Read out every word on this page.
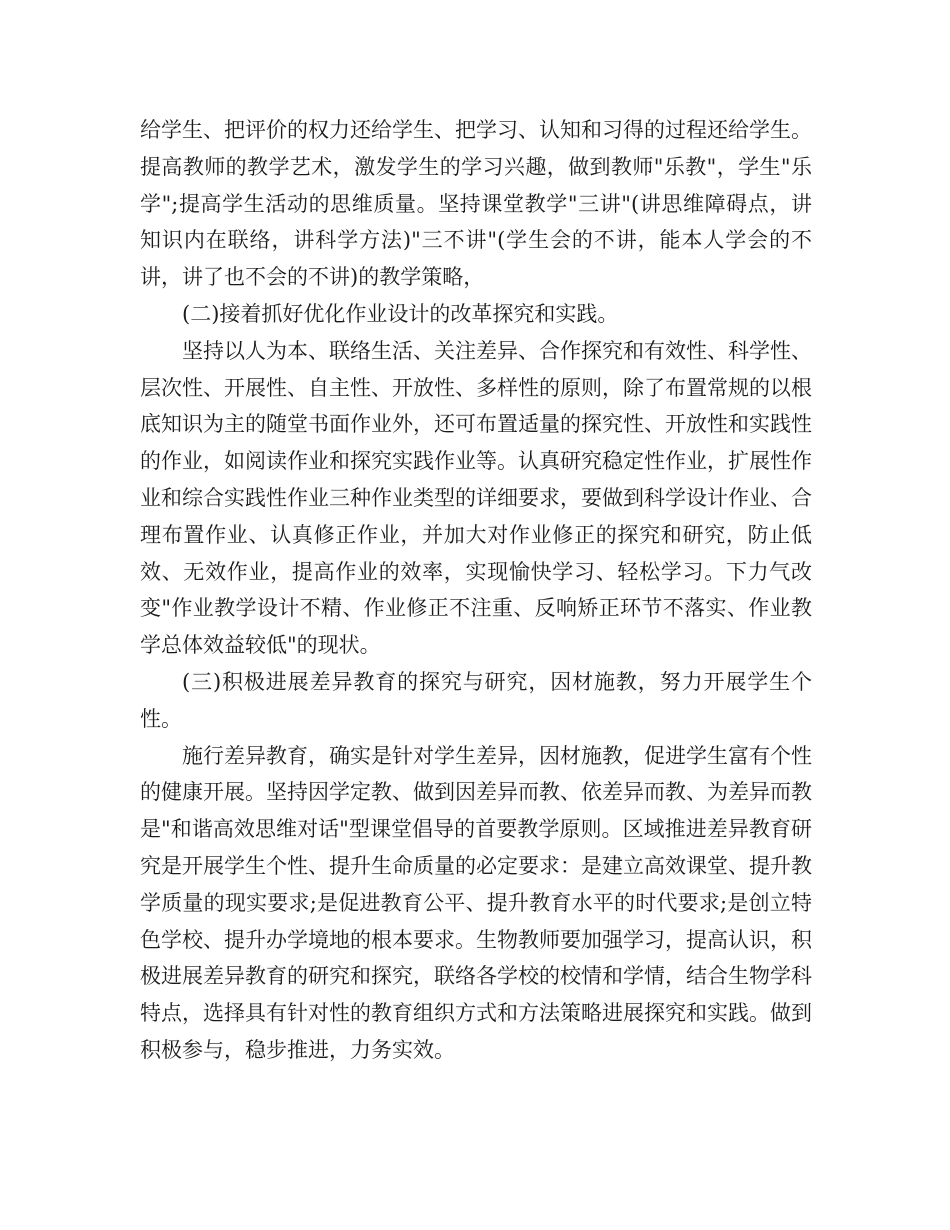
给学生、把评价的权力还给学生、把学习、认知和习得的过程还给学生。提高教师的教学艺术，激发学生的学习兴趣，做到教师"乐教"，学生"乐学";提高学生活动的思维质量。坚持课堂教学"三讲"(讲思维障碍点，讲知识内在联络，讲科学方法)"三不讲"(学生会的不讲，能本人学会的不讲，讲了也不会的不讲)的教学策略，

(二)接着抓好优化作业设计的改革探究和实践。

坚持以人为本、联络生活、关注差异、合作探究和有效性、科学性、层次性、开展性、自主性、开放性、多样性的原则，除了布置常规的以根底知识为主的随堂书面作业外，还可布置适量的探究性、开放性和实践性的作业，如阅读作业和探究实践作业等。认真研究稳定性作业，扩展性作业和综合实践性作业三种作业类型的详细要求，要做到科学设计作业、合理布置作业、认真修正作业，并加大对作业修正的探究和研究，防止低效、无效作业，提高作业的效率，实现愉快学习、轻松学习。下力气改变"作业教学设计不精、作业修正不注重、反响矫正环节不落实、作业教学总体效益较低"的现状。

(三)积极进展差异教育的探究与研究，因材施教，努力开展学生个性。

施行差异教育，确实是针对学生差异，因材施教，促进学生富有个性的健康开展。坚持因学定教、做到因差异而教、依差异而教、为差异而教是"和谐高效思维对话"型课堂倡导的首要教学原则。区域推进差异教育研究是开展学生个性、提升生命质量的必定要求：是建立高效课堂、提升教学质量的现实要求;是促进教育公平、提升教育水平的时代要求;是创立特色学校、提升办学境地的根本要求。生物教师要加强学习，提高认识，积极进展差异教育的研究和探究，联络各学校的校情和学情，结合生物学科特点，选择具有针对性的教育组织方式和方法策略进展探究和实践。做到积极参与，稳步推进，力务实效。
